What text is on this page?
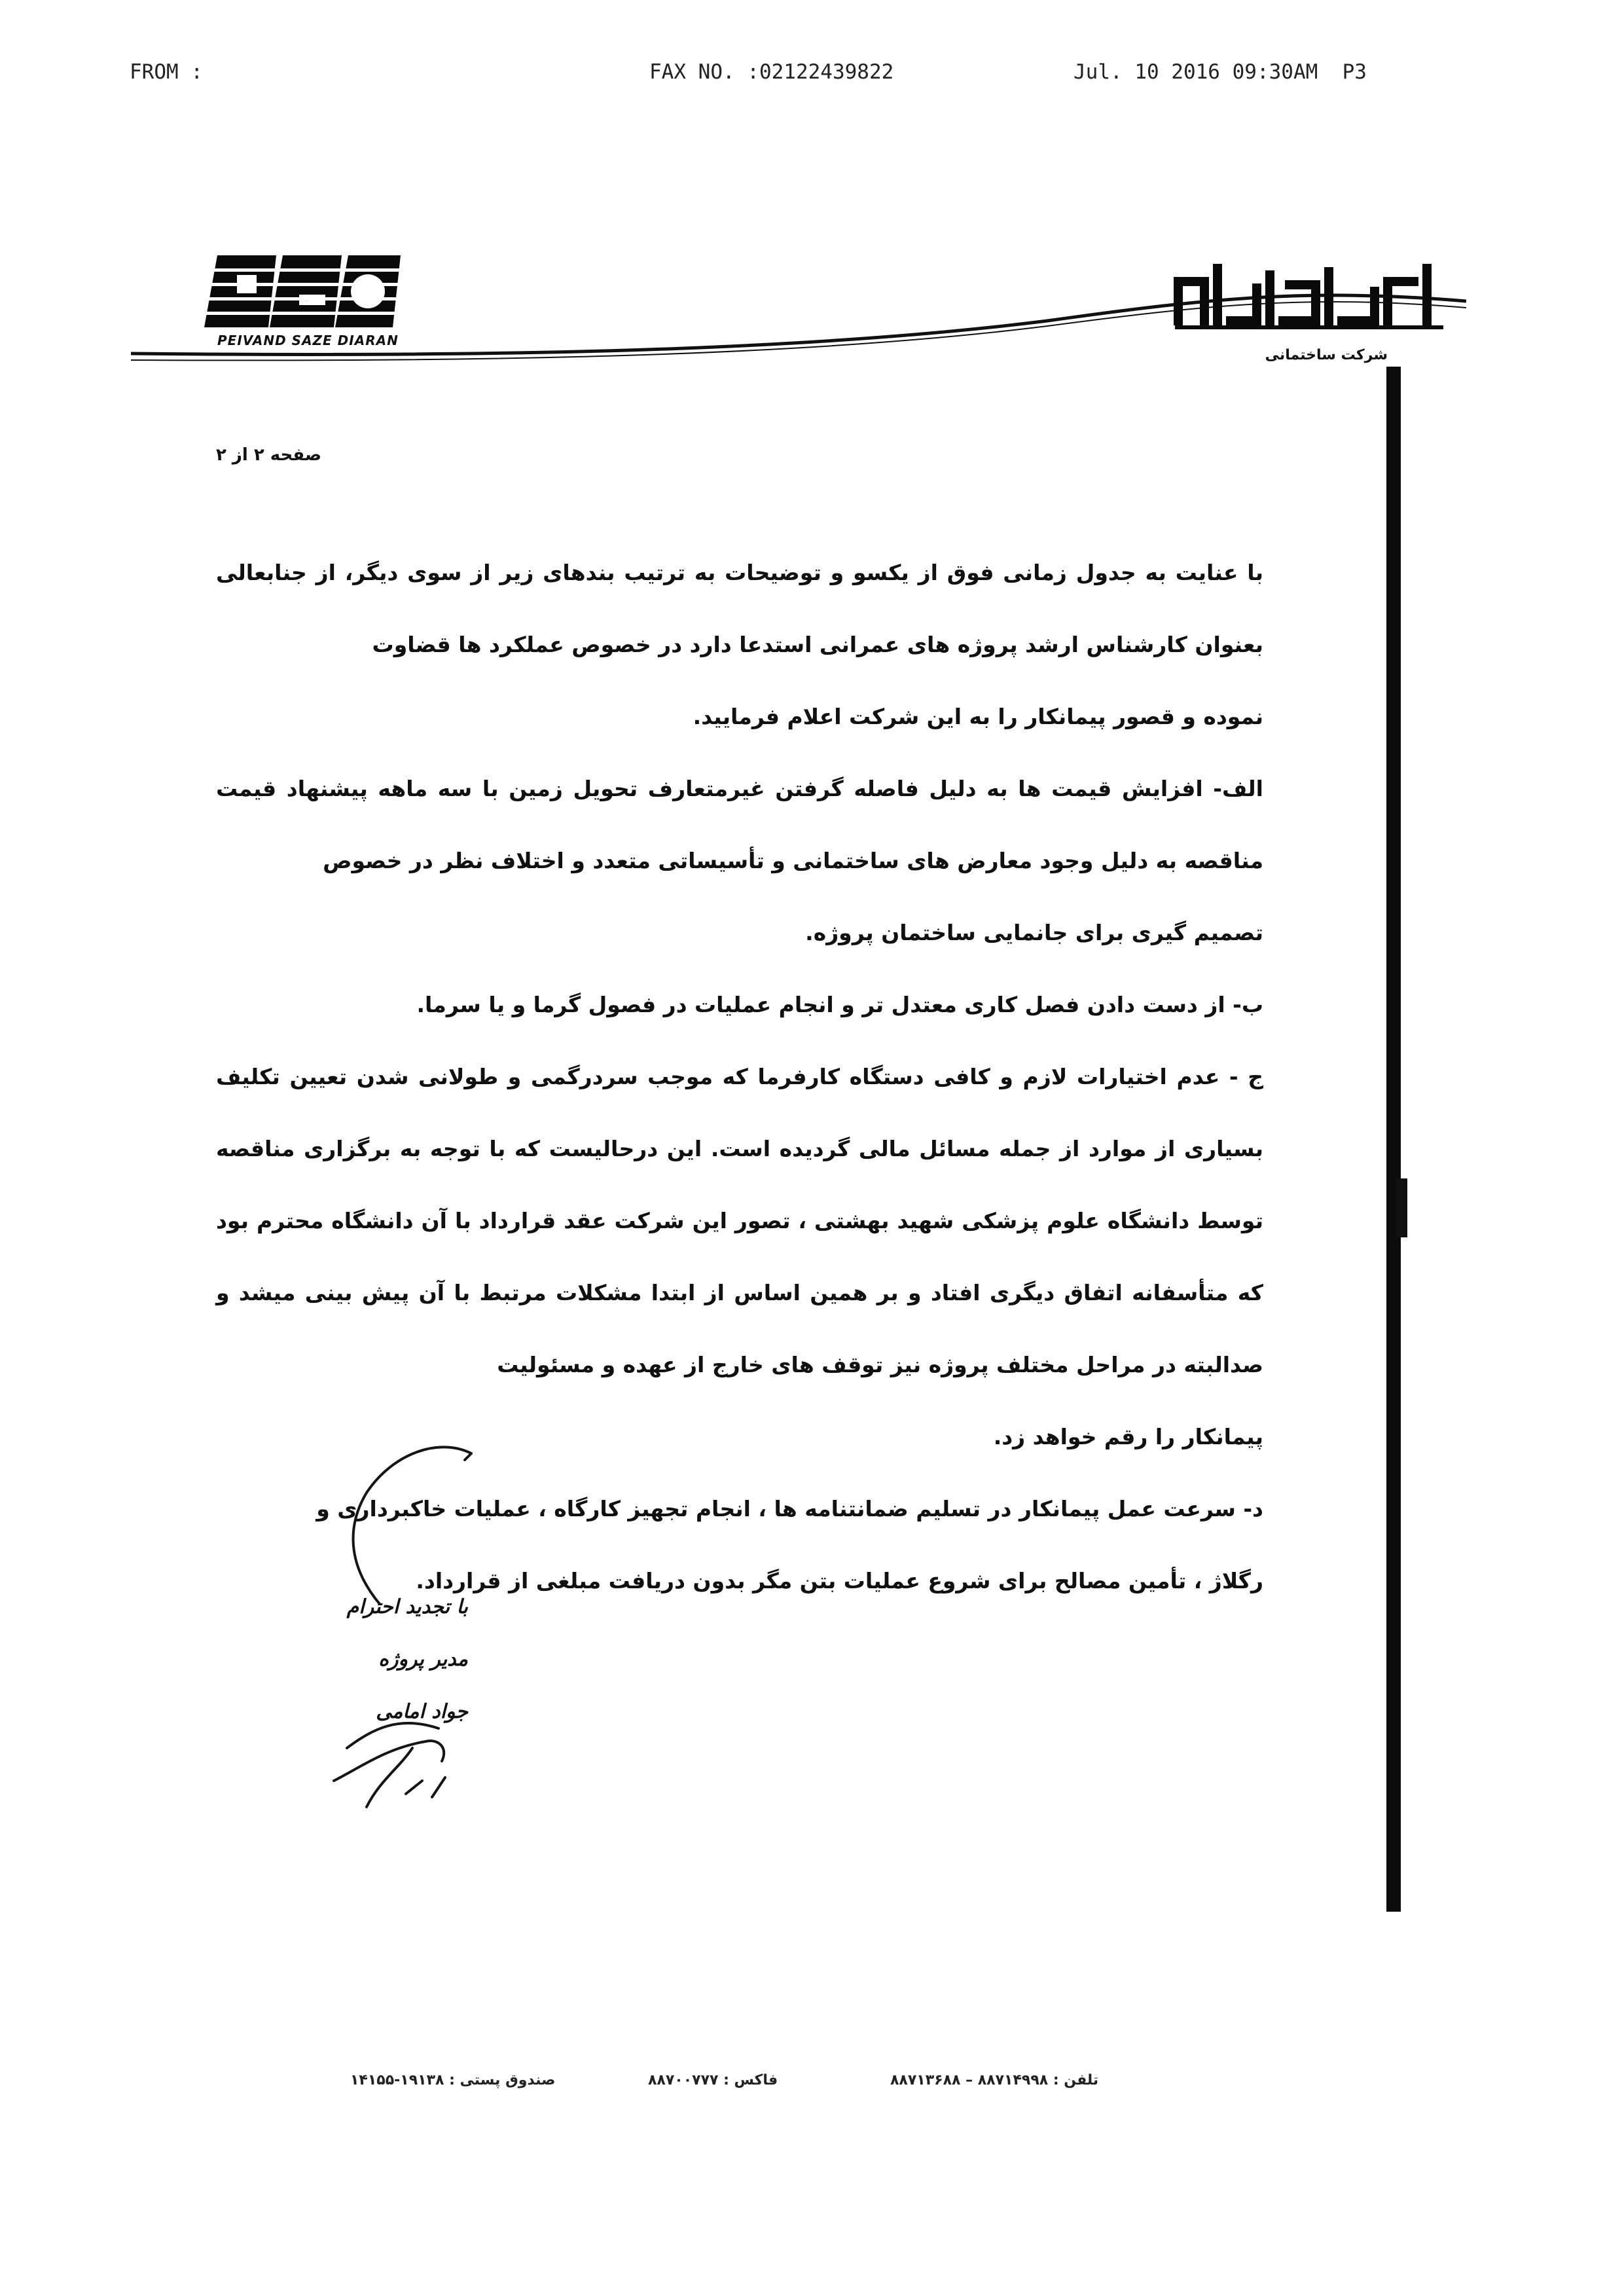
FROM :	FAX NO. :02122439822	Jul. 10 2016 09:30AM  P3
PSD
PEIVAND SAZE DIARAN
شرکت ساختمانی
صفحه ۲ از ۲

با عنایت به جدول زمانی فوق از یکسو و توضیحات به ترتیب بندهای زیر از سوی دیگر، از جنابعالی بعنوان کارشناس ارشد پروژه های عمرانی استدعا دارد در خصوص عملکرد ها قضاوت

نموده و قصور پیمانکار را به این شرکت اعلام فرمایید.

الف- افزایش قیمت ها به دلیل فاصله گرفتن غیرمتعارف تحویل زمین با سه ماهه پیشنهاد قیمت مناقصه به دلیل وجود معارض های ساختمانی و تأسیساتی متعدد و اختلاف نظر در خصوص

تصمیم گیری برای جانمایی ساختمان پروژه.

ب- از دست دادن فصل کاری معتدل تر و انجام عملیات در فصول گرما و یا سرما.

ج - عدم اختیارات لازم و کافی دستگاه کارفرما که موجب سردرگمی و طولانی شدن تعیین تکلیف بسیاری از موارد از جمله مسائل مالی گردیده است. این درحالیست که با توجه به برگزاری مناقصه توسط دانشگاه علوم پزشکی شهید بهشتی ، تصور این شرکت عقد قرارداد با آن دانشگاه محترم بود که متأسفانه اتفاق دیگری افتاد و بر همین اساس از ابتدا مشکلات مرتبط با آن پیش بینی میشد و صدالبته در مراحل مختلف پروژه نیز توقف های خارج از عهده و مسئولیت

پیمانکار را رقم خواهد زد.

د- سرعت عمل پیمانکار در تسلیم ضمانتنامه ها ، انجام تجهیز کارگاه ، عملیات خاکبرداری و

رگلاژ ، تأمین مصالح برای شروع عملیات بتن مگر بدون دریافت مبلغی از قرارداد.

با تجدید احترام
مدیر پروژه
جواد امامی
صندوق پستی : ۱۹۱۳۸-۱۴۱۵۵	فاکس : ۸۸۷۰۰۷۷۷	تلفن : ۸۸۷۱۴۹۹۸ – ۸۸۷۱۳۶۸۸
